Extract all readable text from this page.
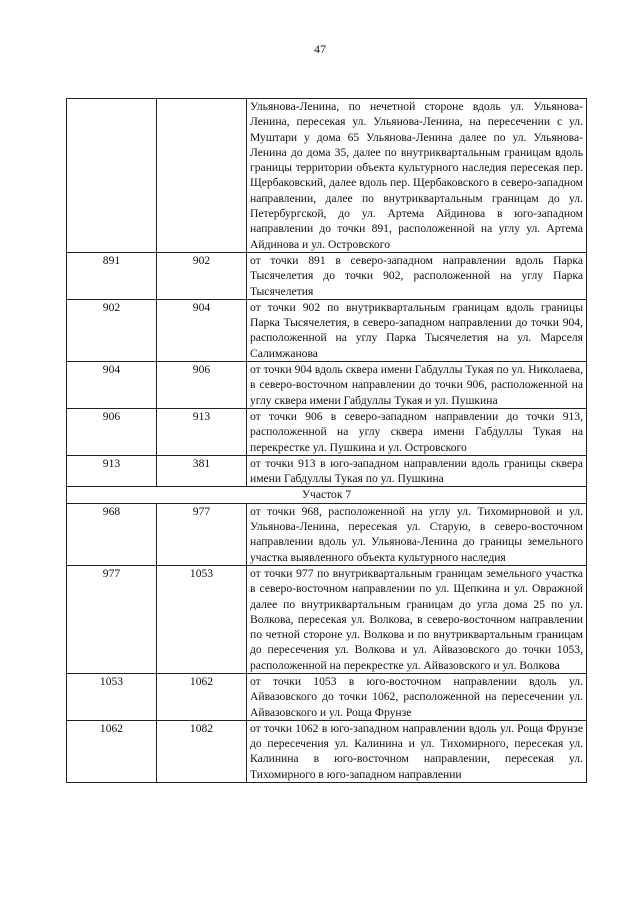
47
		Ульянова-Ленина, по нечетной стороне вдоль ул. Ульянова-Ленина, пересекая ул. Ульянова-Ленина, на пересечении с ул. Муштари у дома 65 Ульянова-Ленина далее по ул. Ульянова-Ленина до дома 35, далее по внутриквартальным границам вдоль границы территории объекта культурного наследия пересекая пер. Щербаковский, далее вдоль пер. Щербаковского в северо-западном направлении, далее по внутриквартальным границам до ул. Петербургской, до ул. Артема Айдинова в юго-западном направлении до точки 891, расположенной на углу ул. Артема Айдинова и ул. Островского
891	902	от точки 891 в северо-западном направлении вдоль Парка Тысячелетия до точки 902, расположенной на углу Парка Тысячелетия
902	904	от точки 902 по внутриквартальным границам вдоль границы Парка Тысячелетия, в северо-западном направлении до точки 904, расположенной на углу Парка Тысячелетия на ул. Марселя Салимжанова
904	906	от точки 904 вдоль сквера имени Габдуллы Тукая по ул. Николаева, в северо-восточном направлении до точки 906, расположенной на углу сквера имени Габдуллы Тукая и ул. Пушкина
906	913	от точки 906 в северо-западном направлении до точки 913, расположенной на углу сквера имени Габдуллы Тукая на перекрестке ул. Пушкина и ул. Островского
913	381	от точки 913 в юго-западном направлении вдоль границы сквера имени Габдуллы Тукая по ул. Пушкина
Участок 7		
968	977	от точки 968, расположенной на углу ул. Тихомирновой и ул. Ульянова-Ленина, пересекая ул. Старую, в северо-восточном направлении вдоль ул. Ульянова-Ленина до границы земельного участка выявленного объекта культурного наследия
977	1053	от точки 977 по внутриквартальным границам земельного участка в северо-восточном направлении по ул. Щепкина и ул. Овражной далее по внутриквартальным границам до угла дома 25 по ул. Волкова, пересекая ул. Волкова, в северо-восточном направлении по четной стороне ул. Волкова и по внутриквартальным границам до пересечения ул. Волкова и ул. Айвазовского до точки 1053, расположенной на перекрестке ул. Айвазовского и ул. Волкова
1053	1062	от точки 1053 в юго-восточном направлении вдоль ул. Айвазовского до точки 1062, расположенной на пересечении ул. Айвазовского и ул. Роща Фрунзе
1062	1082	от точки 1062 в юго-западном направлении вдоль ул. Роща Фрунзе до пересечения ул. Калинина и ул. Тихомирного, пересекая ул. Калинина в юго-восточном направлении, пересекая ул. Тихомирного в юго-западном направлении
